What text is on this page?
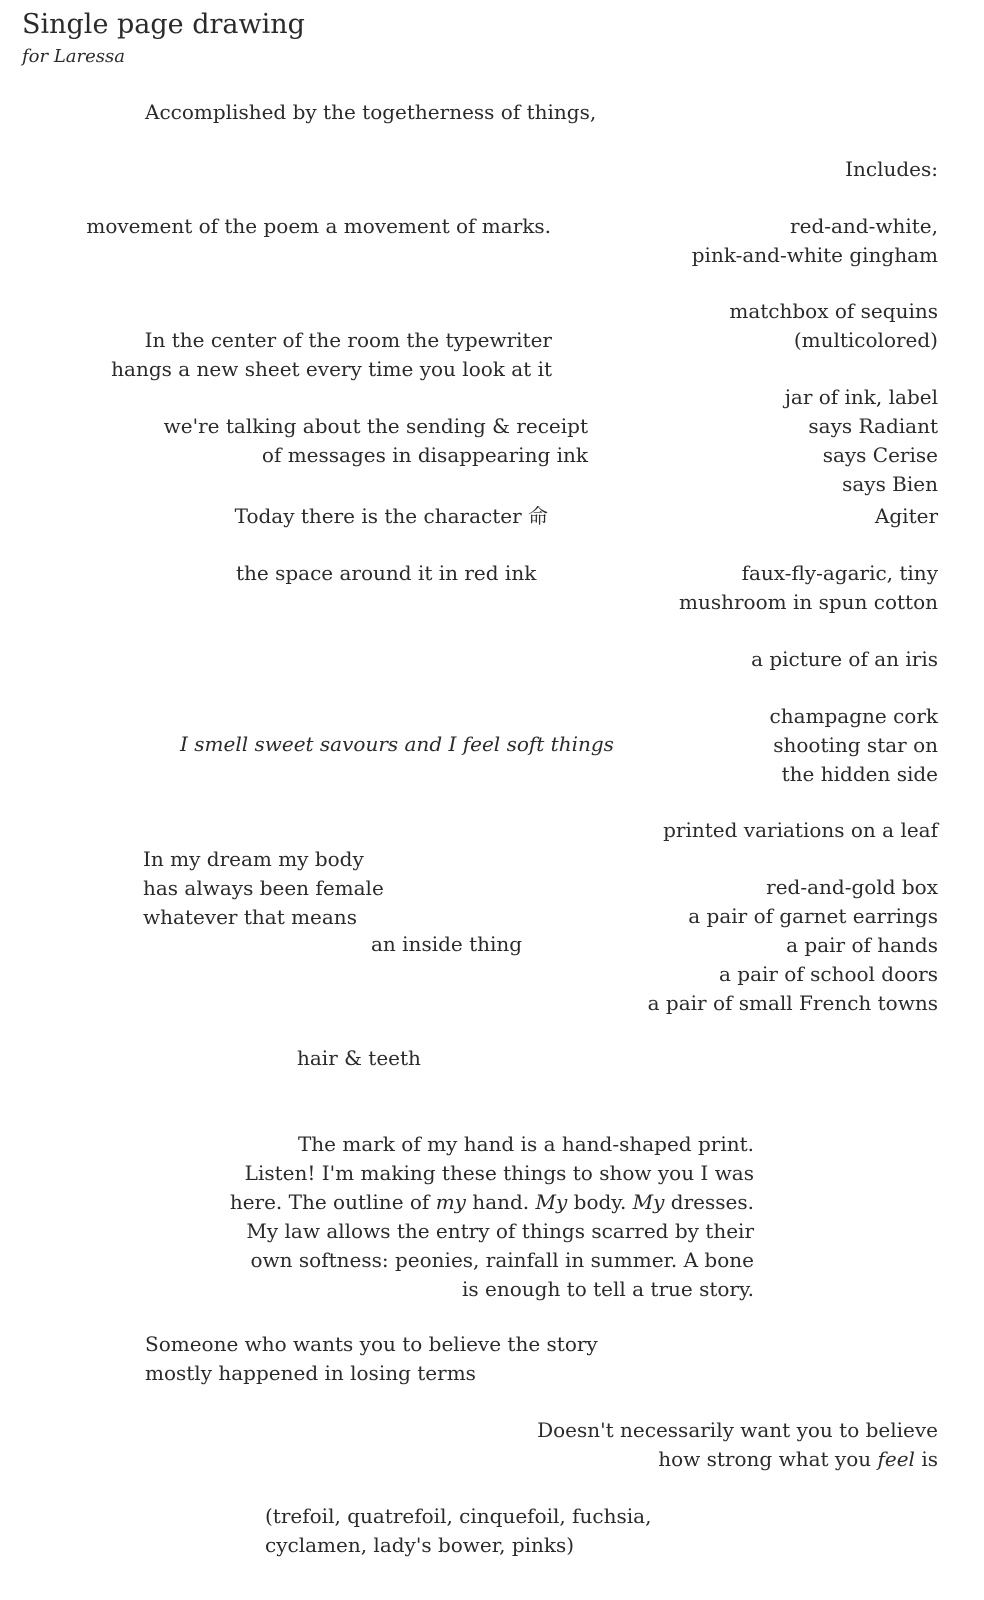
Single page drawing
for Laressa
Accomplished by the togetherness of things,
movement of the poem a movement of marks.
In the center of the room the typewriter
hangs a new sheet every time you look at it
we're talking about the sending & receipt
of messages in disappearing ink
Today there is the character 命
the space around it in red ink
I smell sweet savours and I feel soft things
In my dream my body
has always been female
whatever that means
an inside thing
hair & teeth
Includes:
red-and-white,
pink-and-white gingham
matchbox of sequins
(multicolored)
jar of ink, label
says Radiant
says Cerise
says Bien
Agiter
faux-fly-agaric, tiny
mushroom in spun cotton
a picture of an iris
champagne cork
shooting star on
the hidden side
printed variations on a leaf
red-and-gold box
a pair of garnet earrings
a pair of hands
a pair of school doors
a pair of small French towns
The mark of my hand is a hand-shaped print.
Listen! I'm making these things to show you I was
here. The outline of my hand. My body. My dresses.
My law allows the entry of things scarred by their
own softness: peonies, rainfall in summer. A bone
is enough to tell a true story.
Someone who wants you to believe the story
mostly happened in losing terms
Doesn't necessarily want you to believe
how strong what you feel is
(trefoil, quatrefoil, cinquefoil, fuchsia,
cyclamen, lady's bower, pinks)
